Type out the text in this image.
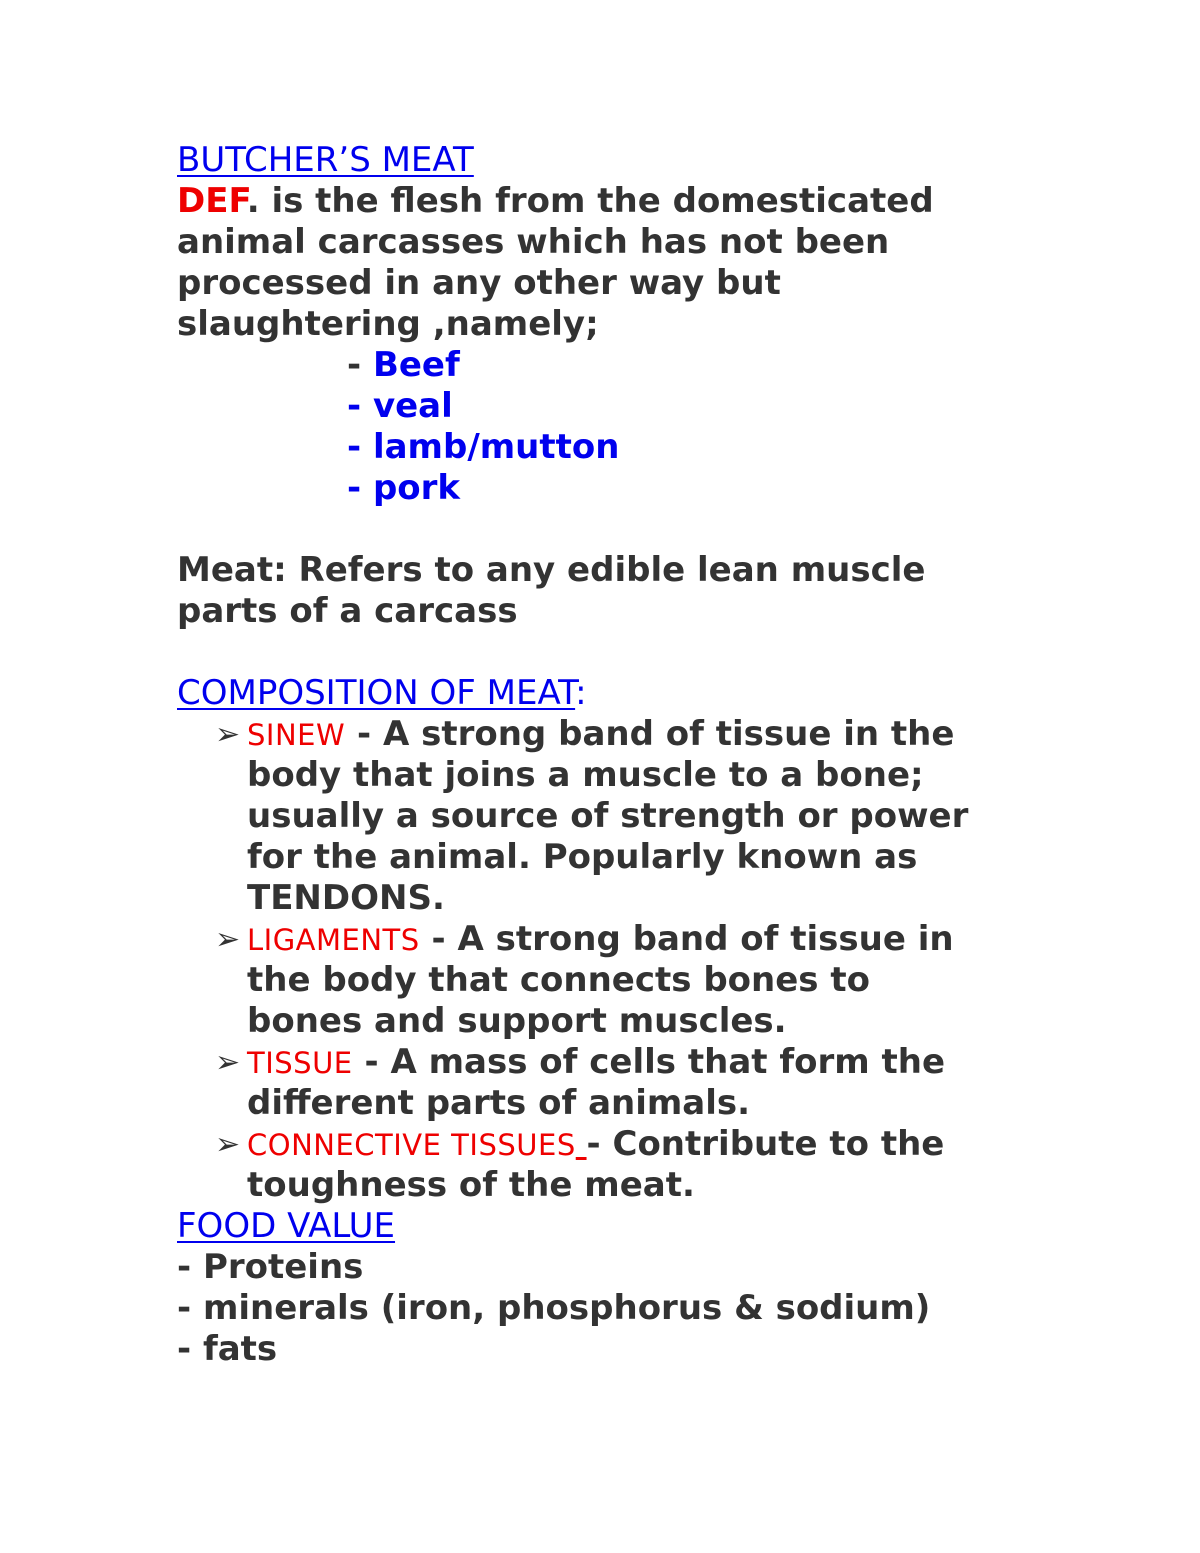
BUTCHER’S MEAT
DEF. is the flesh from the domesticated
animal carcasses which has not been
processed in any other way but
slaughtering ,namely;
- Beef
- veal
- lamb/mutton
- pork
Meat: Refers to any edible lean muscle
parts of a carcass
COMPOSITION OF MEAT:
➢ SINEW - A strong band of tissue in the
body that joins a muscle to a bone;
usually a source of strength or power
for the animal. Popularly known as
TENDONS.
➢ LIGAMENTS - A strong band of tissue in
the body that connects bones to
bones and support muscles.
➢ TISSUE - A mass of cells that form the
different parts of animals.
➢ CONNECTIVE TISSUES - Contribute to the
toughness of the meat.
FOOD VALUE
- Proteins
- minerals (iron, phosphorus & sodium)
- fats
